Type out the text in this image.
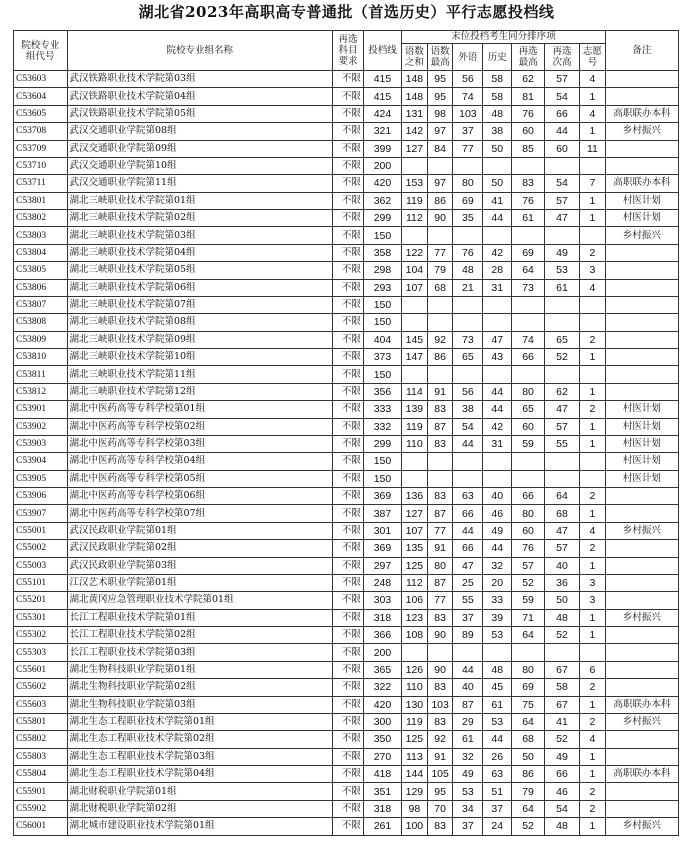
湖北省2023年高职高专普通批（首选历史）平行志愿投档线
院校专业组代号	院校专业组名称	再选科目要求	投档线	末位投档考生同分排序项							备注
				语数之和	语数最高	外语	历史	再选最高	再选次高	志愿号	
C53603	武汉铁路职业技术学院第03组	不限	415	148	95	56	58	62	57	4	
C53604	武汉铁路职业技术学院第04组	不限	415	148	95	74	58	81	54	1	
C53605	武汉铁路职业技术学院第05组	不限	424	131	98	103	48	76	66	4	高职联办本科
C53708	武汉交通职业学院第08组	不限	321	142	97	37	38	60	44	1	乡村振兴
C53709	武汉交通职业学院第09组	不限	399	127	84	77	50	85	60	11	
C53710	武汉交通职业学院第10组	不限	200								
C53711	武汉交通职业学院第11组	不限	420	153	97	80	50	83	54	7	高职联办本科
C53801	湖北三峡职业技术学院第01组	不限	362	119	86	69	41	76	57	1	村医计划
C53802	湖北三峡职业技术学院第02组	不限	299	112	90	35	44	61	47	1	村医计划
C53803	湖北三峡职业技术学院第03组	不限	150								乡村振兴
C53804	湖北三峡职业技术学院第04组	不限	358	122	77	76	42	69	49	2	
C53805	湖北三峡职业技术学院第05组	不限	298	104	79	48	28	64	53	3	
C53806	湖北三峡职业技术学院第06组	不限	293	107	68	21	31	73	61	4	
C53807	湖北三峡职业技术学院第07组	不限	150								
C53808	湖北三峡职业技术学院第08组	不限	150								
C53809	湖北三峡职业技术学院第09组	不限	404	145	92	73	47	74	65	2	
C53810	湖北三峡职业技术学院第10组	不限	373	147	86	65	43	66	52	1	
C53811	湖北三峡职业技术学院第11组	不限	150								
C53812	湖北三峡职业技术学院第12组	不限	356	114	91	56	44	80	62	1	
C53901	湖北中医药高等专科学校第01组	不限	333	139	83	38	44	65	47	2	村医计划
C53902	湖北中医药高等专科学校第02组	不限	332	119	87	54	42	60	57	1	村医计划
C53903	湖北中医药高等专科学校第03组	不限	299	110	83	44	31	59	55	1	村医计划
C53904	湖北中医药高等专科学校第04组	不限	150								村医计划
C53905	湖北中医药高等专科学校第05组	不限	150								村医计划
C53906	湖北中医药高等专科学校第06组	不限	369	136	83	63	40	66	64	2	
C53907	湖北中医药高等专科学校第07组	不限	387	127	87	66	46	80	68	1	
C55001	武汉民政职业学院第01组	不限	301	107	77	44	49	60	47	4	乡村振兴
C55002	武汉民政职业学院第02组	不限	369	135	91	66	44	76	57	2	
C55003	武汉民政职业学院第03组	不限	297	125	80	47	32	57	40	1	
C55101	江汉艺术职业学院第01组	不限	248	112	87	25	20	52	36	3	
C55201	湖北黄冈应急管理职业技术学院第01组	不限	303	106	77	55	33	59	50	3	
C55301	长江工程职业技术学院第01组	不限	318	123	83	37	39	71	48	1	乡村振兴
C55302	长江工程职业技术学院第02组	不限	366	108	90	89	53	64	52	1	
C55303	长江工程职业技术学院第03组	不限	200								
C55601	湖北生物科技职业学院第01组	不限	365	126	90	44	48	80	67	6	
C55602	湖北生物科技职业学院第02组	不限	322	110	83	40	45	69	58	2	
C55603	湖北生物科技职业学院第03组	不限	420	130	103	87	61	75	67	1	高职联办本科
C55801	湖北生态工程职业技术学院第01组	不限	300	119	83	29	53	64	41	2	乡村振兴
C55802	湖北生态工程职业技术学院第02组	不限	350	125	92	61	44	68	52	4	
C55803	湖北生态工程职业技术学院第03组	不限	270	113	91	32	26	50	49	1	
C55804	湖北生态工程职业技术学院第04组	不限	418	144	105	49	63	86	66	1	高职联办本科
C55901	湖北财税职业学院第01组	不限	351	129	95	53	51	79	46	2	
C55902	湖北财税职业学院第02组	不限	318	98	70	34	37	64	54	2	
C56001	湖北城市建设职业技术学院第01组	不限	261	100	83	37	24	52	48	1	乡村振兴
